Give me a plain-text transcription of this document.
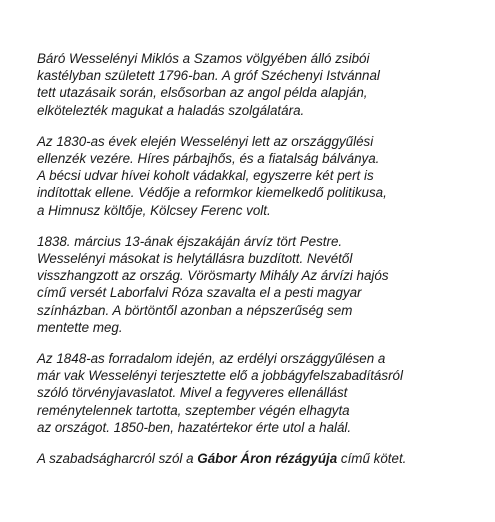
Báró Wesselényi Miklós a Szamos völgyében álló zsibói
kastélyban született 1796-ban. A gróf Széchenyi Istvánnal
tett utazásaik során, elsősorban az angol példa alapján,
elkötelezték magukat a haladás szolgálatára.

Az 1830-as évek elején Wesselényi lett az országgyűlési
ellenzék vezére. Híres párbajhős, és a fiatalság bálványa.
A bécsi udvar hívei koholt vádakkal, egyszerre két pert is
indítottak ellene. Védője a reformkor kiemelkedő politikusa,
a Himnusz költője, Kölcsey Ferenc volt.

1838. március 13-ának éjszakáján árvíz tört Pestre.
Wesselényi másokat is helytállásra buzdított. Nevétől
visszhangzott az ország. Vörösmarty Mihály Az árvízi hajós
című versét Laborfalvi Róza szavalta el a pesti magyar
színházban. A börtöntől azonban a népszerűség sem
mentette meg.

Az 1848-as forradalom idején, az erdélyi országgyűlésen a
már vak Wesselényi terjesztette elő a jobbágyfelszabadításról
szóló törvényjavaslatot. Mivel a fegyveres ellenállást
reménytelennek tartotta, szeptember végén elhagyta
az országot. 1850-ben, hazatértekor érte utol a halál.

A szabadságharcról szól a Gábor Áron rézágyúja című kötet.
